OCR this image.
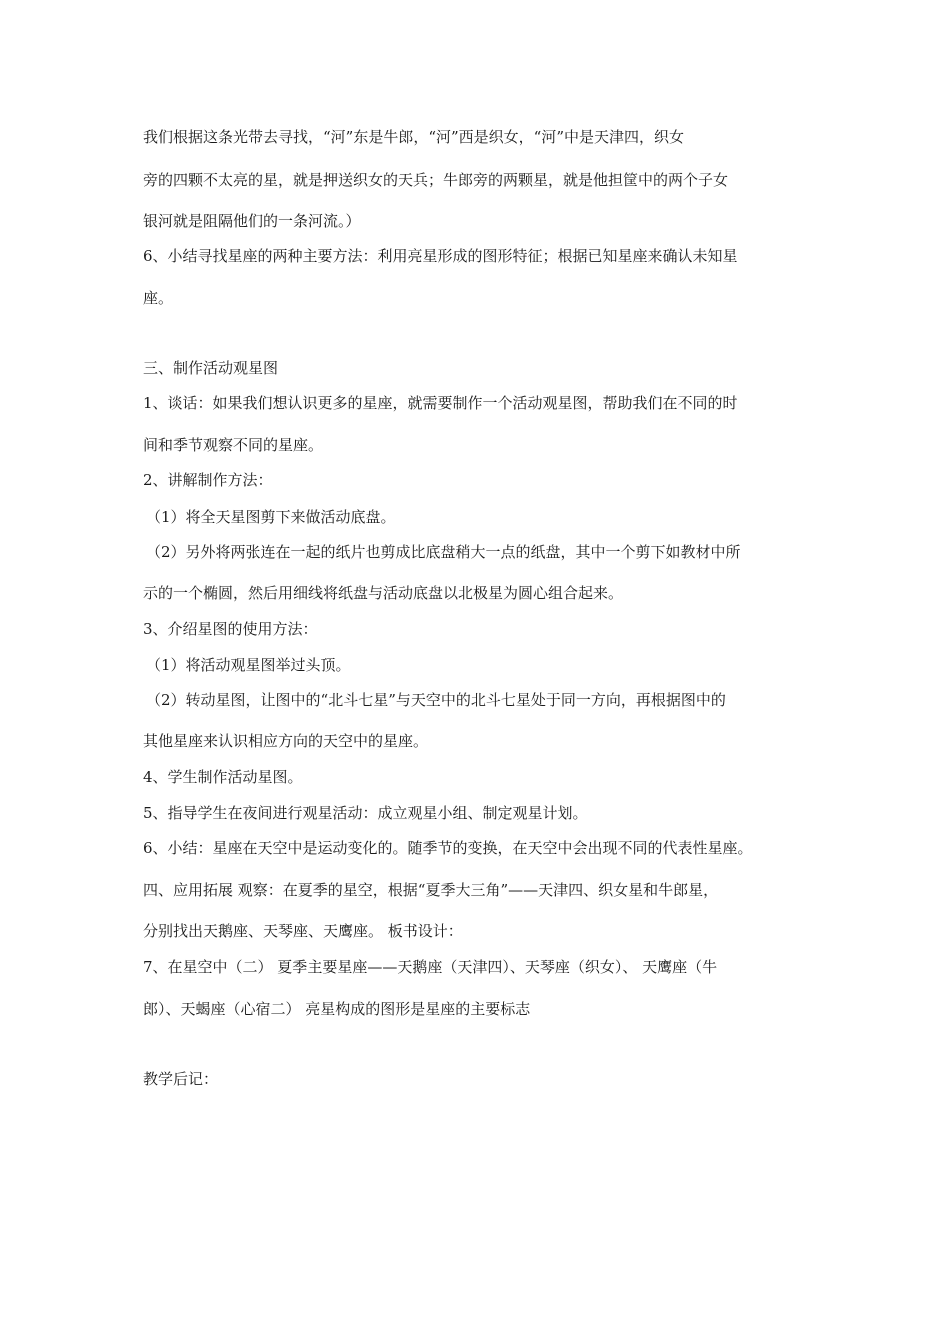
我们根据这条光带去寻找，“河”东是牛郎，“河”西是织女，“河”中是天津四，织女
旁的四颗不太亮的星，就是押送织女的天兵；牛郎旁的两颗星，就是他担筐中的两个子女
银河就是阻隔他们的一条河流。）
6、小结寻找星座的两种主要方法：利用亮星形成的图形特征；根据已知星座来确认未知星
座。
三、制作活动观星图
1、谈话：如果我们想认识更多的星座，就需要制作一个活动观星图，帮助我们在不同的时
间和季节观察不同的星座。
2、讲解制作方法：
（1）将全天星图剪下来做活动底盘。
（2）另外将两张连在一起的纸片也剪成比底盘稍大一点的纸盘，其中一个剪下如教材中所
示的一个椭圆，然后用细线将纸盘与活动底盘以北极星为圆心组合起来。
3、介绍星图的使用方法：
（1）将活动观星图举过头顶。
（2）转动星图，让图中的“北斗七星”与天空中的北斗七星处于同一方向，再根据图中的
其他星座来认识相应方向的天空中的星座。
4、学生制作活动星图。
5、指导学生在夜间进行观星活动：成立观星小组、制定观星计划。
6、小结：星座在天空中是运动变化的。随季节的变换，在天空中会出现不同的代表性星座。
四、应用拓展 观察：在夏季的星空，根据“夏季大三角”——天津四、织女星和牛郎星，
分别找出天鹅座、天琴座、天鹰座。 板书设计：
7、在星空中（二） 夏季主要星座——天鹅座（天津四）、天琴座（织女）、 天鹰座（牛
郎）、天蝎座（心宿二） 亮星构成的图形是星座的主要标志
教学后记：
